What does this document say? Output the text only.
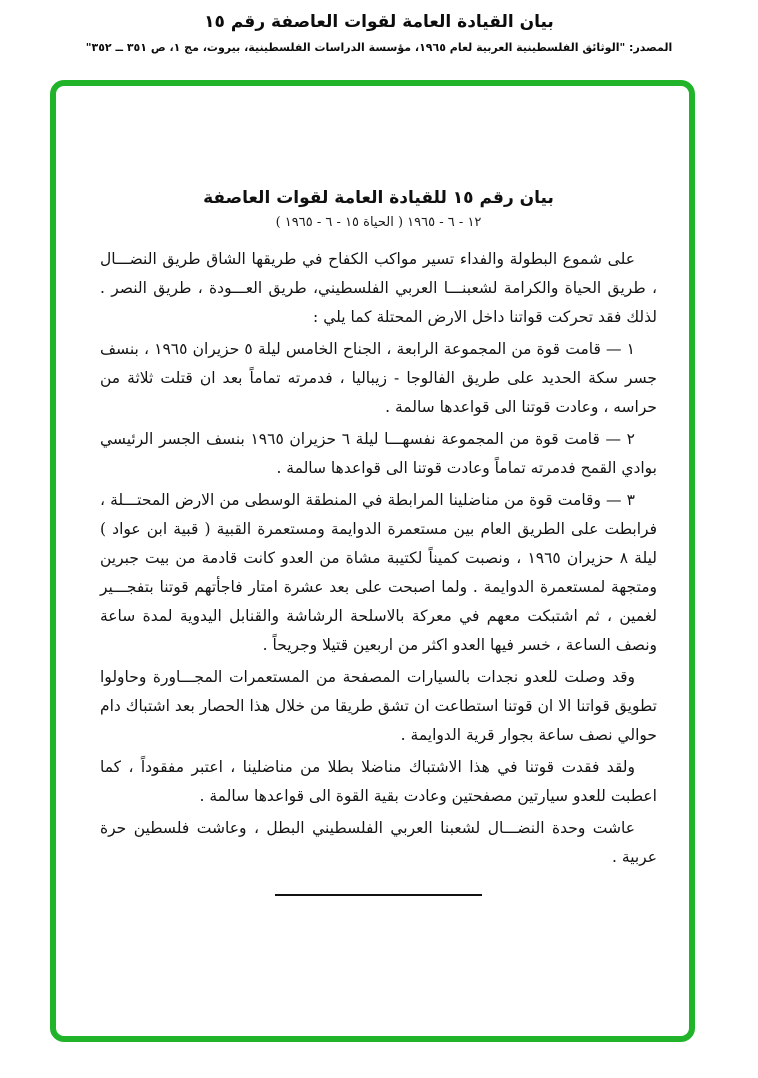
بيان القيادة العامة لقوات العاصفة رقم ١٥
المصدر: "الوثائق الفلسطينية العربية لعام ١٩٦٥، مؤسسة الدراسات الفلسطينية، بيروت، مج ١، ص ٣٥١ ــ ٣٥٢"
بيان رقم ١٥ للقيادة العامة لقوات العاصفة
١٢ - ٦ - ١٩٦٥ ( الحياة ١٥ - ٦ - ١٩٦٥ )

على شموع البطولة والفداء تسير مواكب الكفاح في طريقها الشاق طريق النضـــال ، طريق الحياة والكرامة لشعبنـــا العربي الفلسطيني، طريق العـــودة ، طريق النصر . لذلك فقد تحركت قواتنا داخل الارض المحتلة كما يلي :

١ — قامت قوة من المجموعة الرابعة ، الجناح الخامس ليلة ٥ حزيران ١٩٦٥ ، بنسف جسر سكة الحديد على طريق الفالوجا - زيباليا ، فدمرته تماماً بعد ان قتلت ثلاثة من حراسه ، وعادت قوتنا الى قواعدها سالمة .

٢ — قامت قوة من المجموعة نفسهـــا ليلة ٦ حزيران ١٩٦٥ بنسف الجسر الرئيسي بوادي القمح فدمرته تماماً وعادت قوتنا الى قواعدها سالمة .

٣ — وقامت قوة من مناضلينا المرابطة في المنطقة الوسطى من الارض المحتـــلة ، فرابطت على الطريق العام بين مستعمرة الدوايمة ومستعمرة القبية ( قبية ابن عواد ) ليلة ٨ حزيران ١٩٦٥ ، ونصبت كميناً لكتيبة مشاة من العدو كانت قادمة من بيت جبرين ومتجهة لمستعمرة الدوايمة . ولما اصبحت على بعد عشرة امتار فاجأتهم قوتنا بتفجـــير لغمين ، ثم اشتبكت معهم في معركة بالاسلحة الرشاشة والقنابل اليدوية لمدة ساعة ونصف الساعة ، خسر فيها العدو اكثر من اربعين قتيلا وجريحاً .

وقد وصلت للعدو نجدات بالسيارات المصفحة من المستعمرات المجـــاورة وحاولوا تطويق قواتنا الا ان قوتنا استطاعت ان تشق طريقا من خلال هذا الحصار بعد اشتباك دام حوالي نصف ساعة بجوار قرية الدوايمة .

ولقد فقدت قوتنا في هذا الاشتباك مناضلا بطلا من مناضلينا ، اعتبر مفقوداً ، كما اعطبت للعدو سيارتين مصفحتين وعادت بقية القوة الى قواعدها سالمة .

عاشت وحدة النضـــال لشعبنا العربي الفلسطيني البطل ، وعاشت فلسطين حرة عربية .
